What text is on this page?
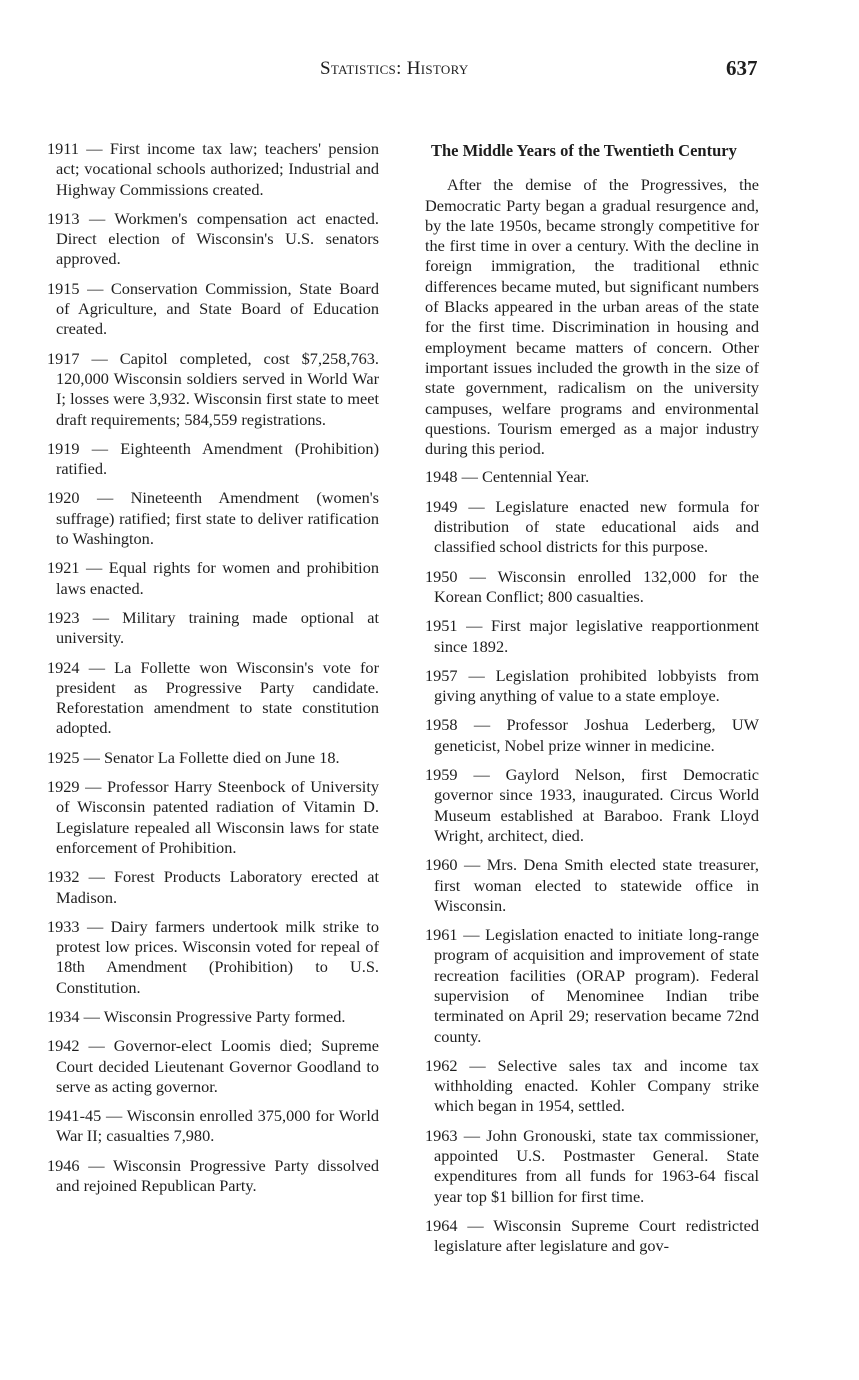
Statistics: History	637

1911 — First income tax law; teachers' pension act; vocational schools authorized; Industrial and Highway Commissions created.

1913 — Workmen's compensation act enacted. Direct election of Wisconsin's U.S. senators approved.

1915 — Conservation Commission, State Board of Agriculture, and State Board of Education created.

1917 — Capitol completed, cost $7,258,763. 120,000 Wisconsin soldiers served in World War I; losses were 3,932. Wisconsin first state to meet draft requirements; 584,559 registrations.

1919 — Eighteenth Amendment (Prohibition) ratified.

1920 — Nineteenth Amendment (women's suffrage) ratified; first state to deliver ratification to Washington.

1921 — Equal rights for women and prohibition laws enacted.

1923 — Military training made optional at university.

1924 — La Follette won Wisconsin's vote for president as Progressive Party candidate. Reforestation amendment to state constitution adopted.

1925 — Senator La Follette died on June 18.

1929 — Professor Harry Steenbock of University of Wisconsin patented radiation of Vitamin D. Legislature repealed all Wisconsin laws for state enforcement of Prohibition.

1932 — Forest Products Laboratory erected at Madison.

1933 — Dairy farmers undertook milk strike to protest low prices. Wisconsin voted for repeal of 18th Amendment (Prohibition) to U.S. Constitution.

1934 — Wisconsin Progressive Party formed.

1942 — Governor-elect Loomis died; Supreme Court decided Lieutenant Governor Goodland to serve as acting governor.

1941-45 — Wisconsin enrolled 375,000 for World War II; casualties 7,980.

1946 — Wisconsin Progressive Party dissolved and rejoined Republican Party.

The Middle Years of the Twentieth Century

After the demise of the Progressives, the Democratic Party began a gradual resurgence and, by the late 1950s, became strongly competitive for the first time in over a century. With the decline in foreign immigration, the traditional ethnic differences became muted, but significant numbers of Blacks appeared in the urban areas of the state for the first time. Discrimination in housing and employment became matters of concern. Other important issues included the growth in the size of state government, radicalism on the university campuses, welfare programs and environmental questions. Tourism emerged as a major industry during this period.

1948 — Centennial Year.

1949 — Legislature enacted new formula for distribution of state educational aids and classified school districts for this purpose.

1950 — Wisconsin enrolled 132,000 for the Korean Conflict; 800 casualties.

1951 — First major legislative reapportionment since 1892.

1957 — Legislation prohibited lobbyists from giving anything of value to a state employe.

1958 — Professor Joshua Lederberg, UW geneticist, Nobel prize winner in medicine.

1959 — Gaylord Nelson, first Democratic governor since 1933, inaugurated. Circus World Museum established at Baraboo. Frank Lloyd Wright, architect, died.

1960 — Mrs. Dena Smith elected state treasurer, first woman elected to statewide office in Wisconsin.

1961 — Legislation enacted to initiate long-range program of acquisition and improvement of state recreation facilities (ORAP program). Federal supervision of Menominee Indian tribe terminated on April 29; reservation became 72nd county.

1962 — Selective sales tax and income tax withholding enacted. Kohler Company strike which began in 1954, settled.

1963 — John Gronouski, state tax commissioner, appointed U.S. Postmaster General. State expenditures from all funds for 1963-64 fiscal year top $1 billion for first time.

1964 — Wisconsin Supreme Court redistricted legislature after legislature and gov-
